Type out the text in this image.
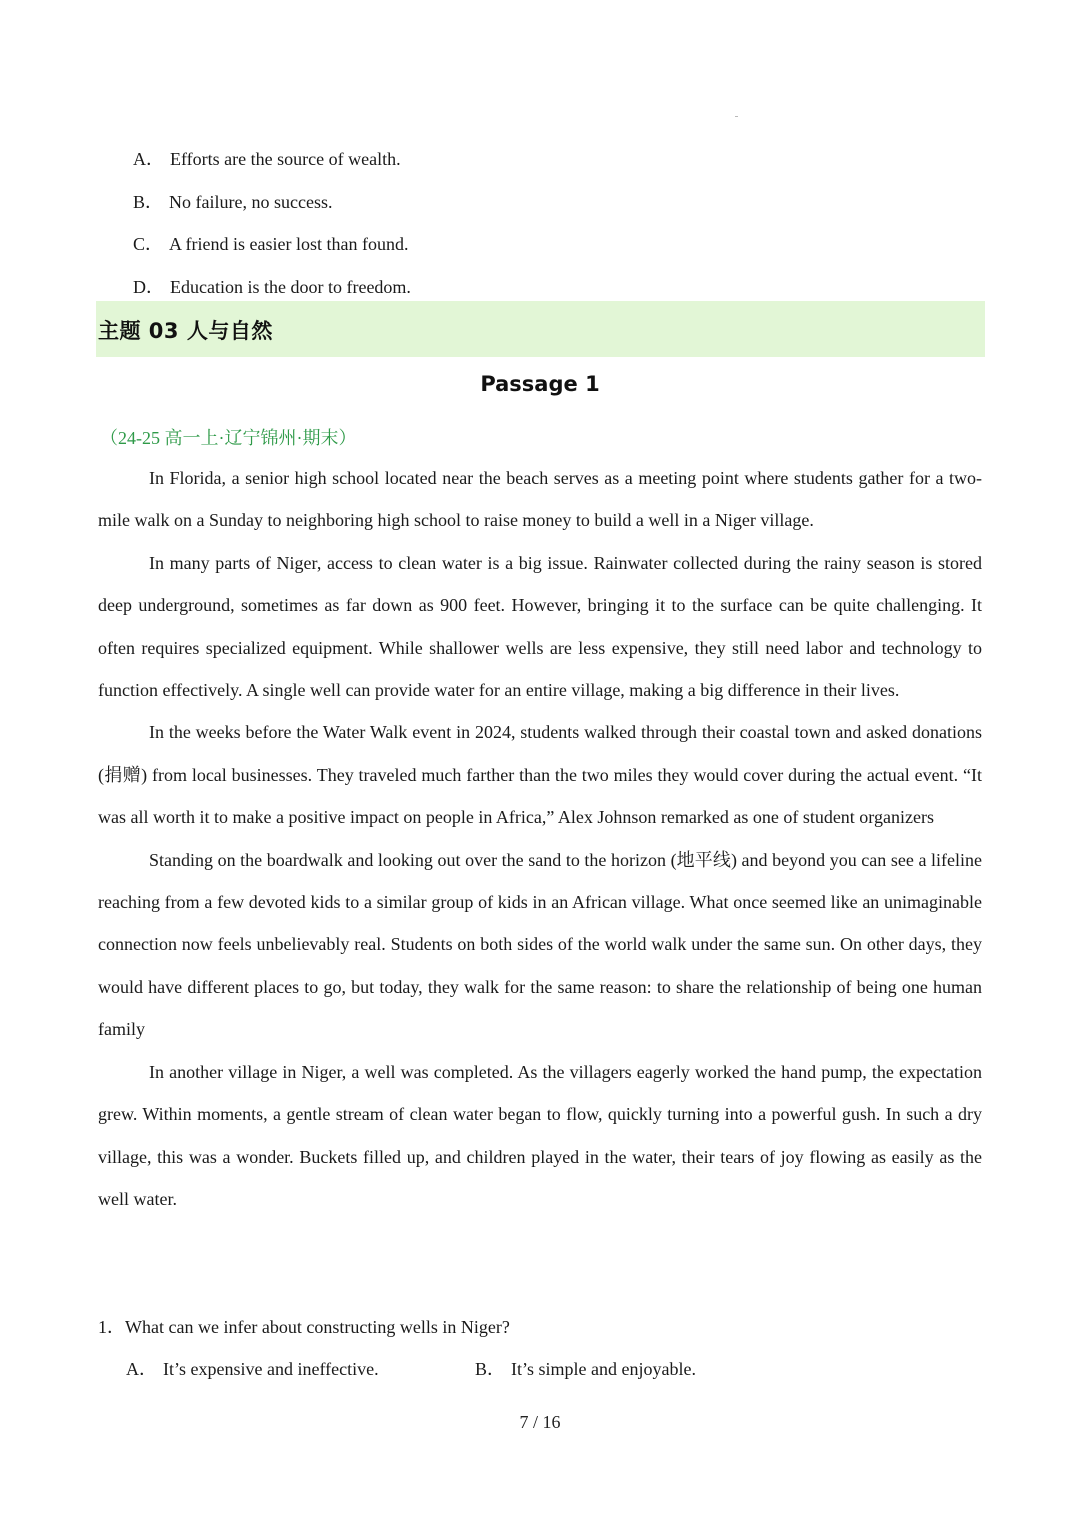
A． Efforts are the source of wealth.
B． No failure, no success.
C． A friend is easier lost than found.
D． Education is the door to freedom.
主题 03 人与自然
Passage 1
（24-25 高一上·辽宁锦州·期末）

In Florida, a senior high school located near the beach serves as a meeting point where students gather for a two-mile walk on a Sunday to neighboring high school to raise money to build a well in a Niger village.

In many parts of Niger, access to clean water is a big issue. Rainwater collected during the rainy season is stored deep underground, sometimes as far down as 900 feet. However, bringing it to the surface can be quite challenging. It often requires specialized equipment. While shallower wells are less expensive, they still need labor and technology to function effectively. A single well can provide water for an entire village, making a big difference in their lives.

In the weeks before the Water Walk event in 2024, students walked through their coastal town and asked donations (捐赠) from local businesses. They traveled much farther than the two miles they would cover during the actual event. “It was all worth it to make a positive impact on people in Africa,” Alex Johnson remarked as one of student organizers

Standing on the boardwalk and looking out over the sand to the horizon (地平线) and beyond you can see a lifeline reaching from a few devoted kids to a similar group of kids in an African village. What once seemed like an unimaginable connection now feels unbelievably real. Students on both sides of the world walk under the same sun. On other days, they would have different places to go, but today, they walk for the same reason: to share the relationship of being one human family

In another village in Niger, a well was completed. As the villagers eagerly worked the hand pump, the expectation grew. Within moments, a gentle stream of clean water began to flow, quickly turning into a powerful gush. In such a dry village, this was a wonder. Buckets filled up, and children played in the water, their tears of joy flowing as easily as the well water.

1．What can we infer about constructing wells in Niger?
A． It’s expensive and ineffective.	B． It’s simple and enjoyable.
7 / 16
